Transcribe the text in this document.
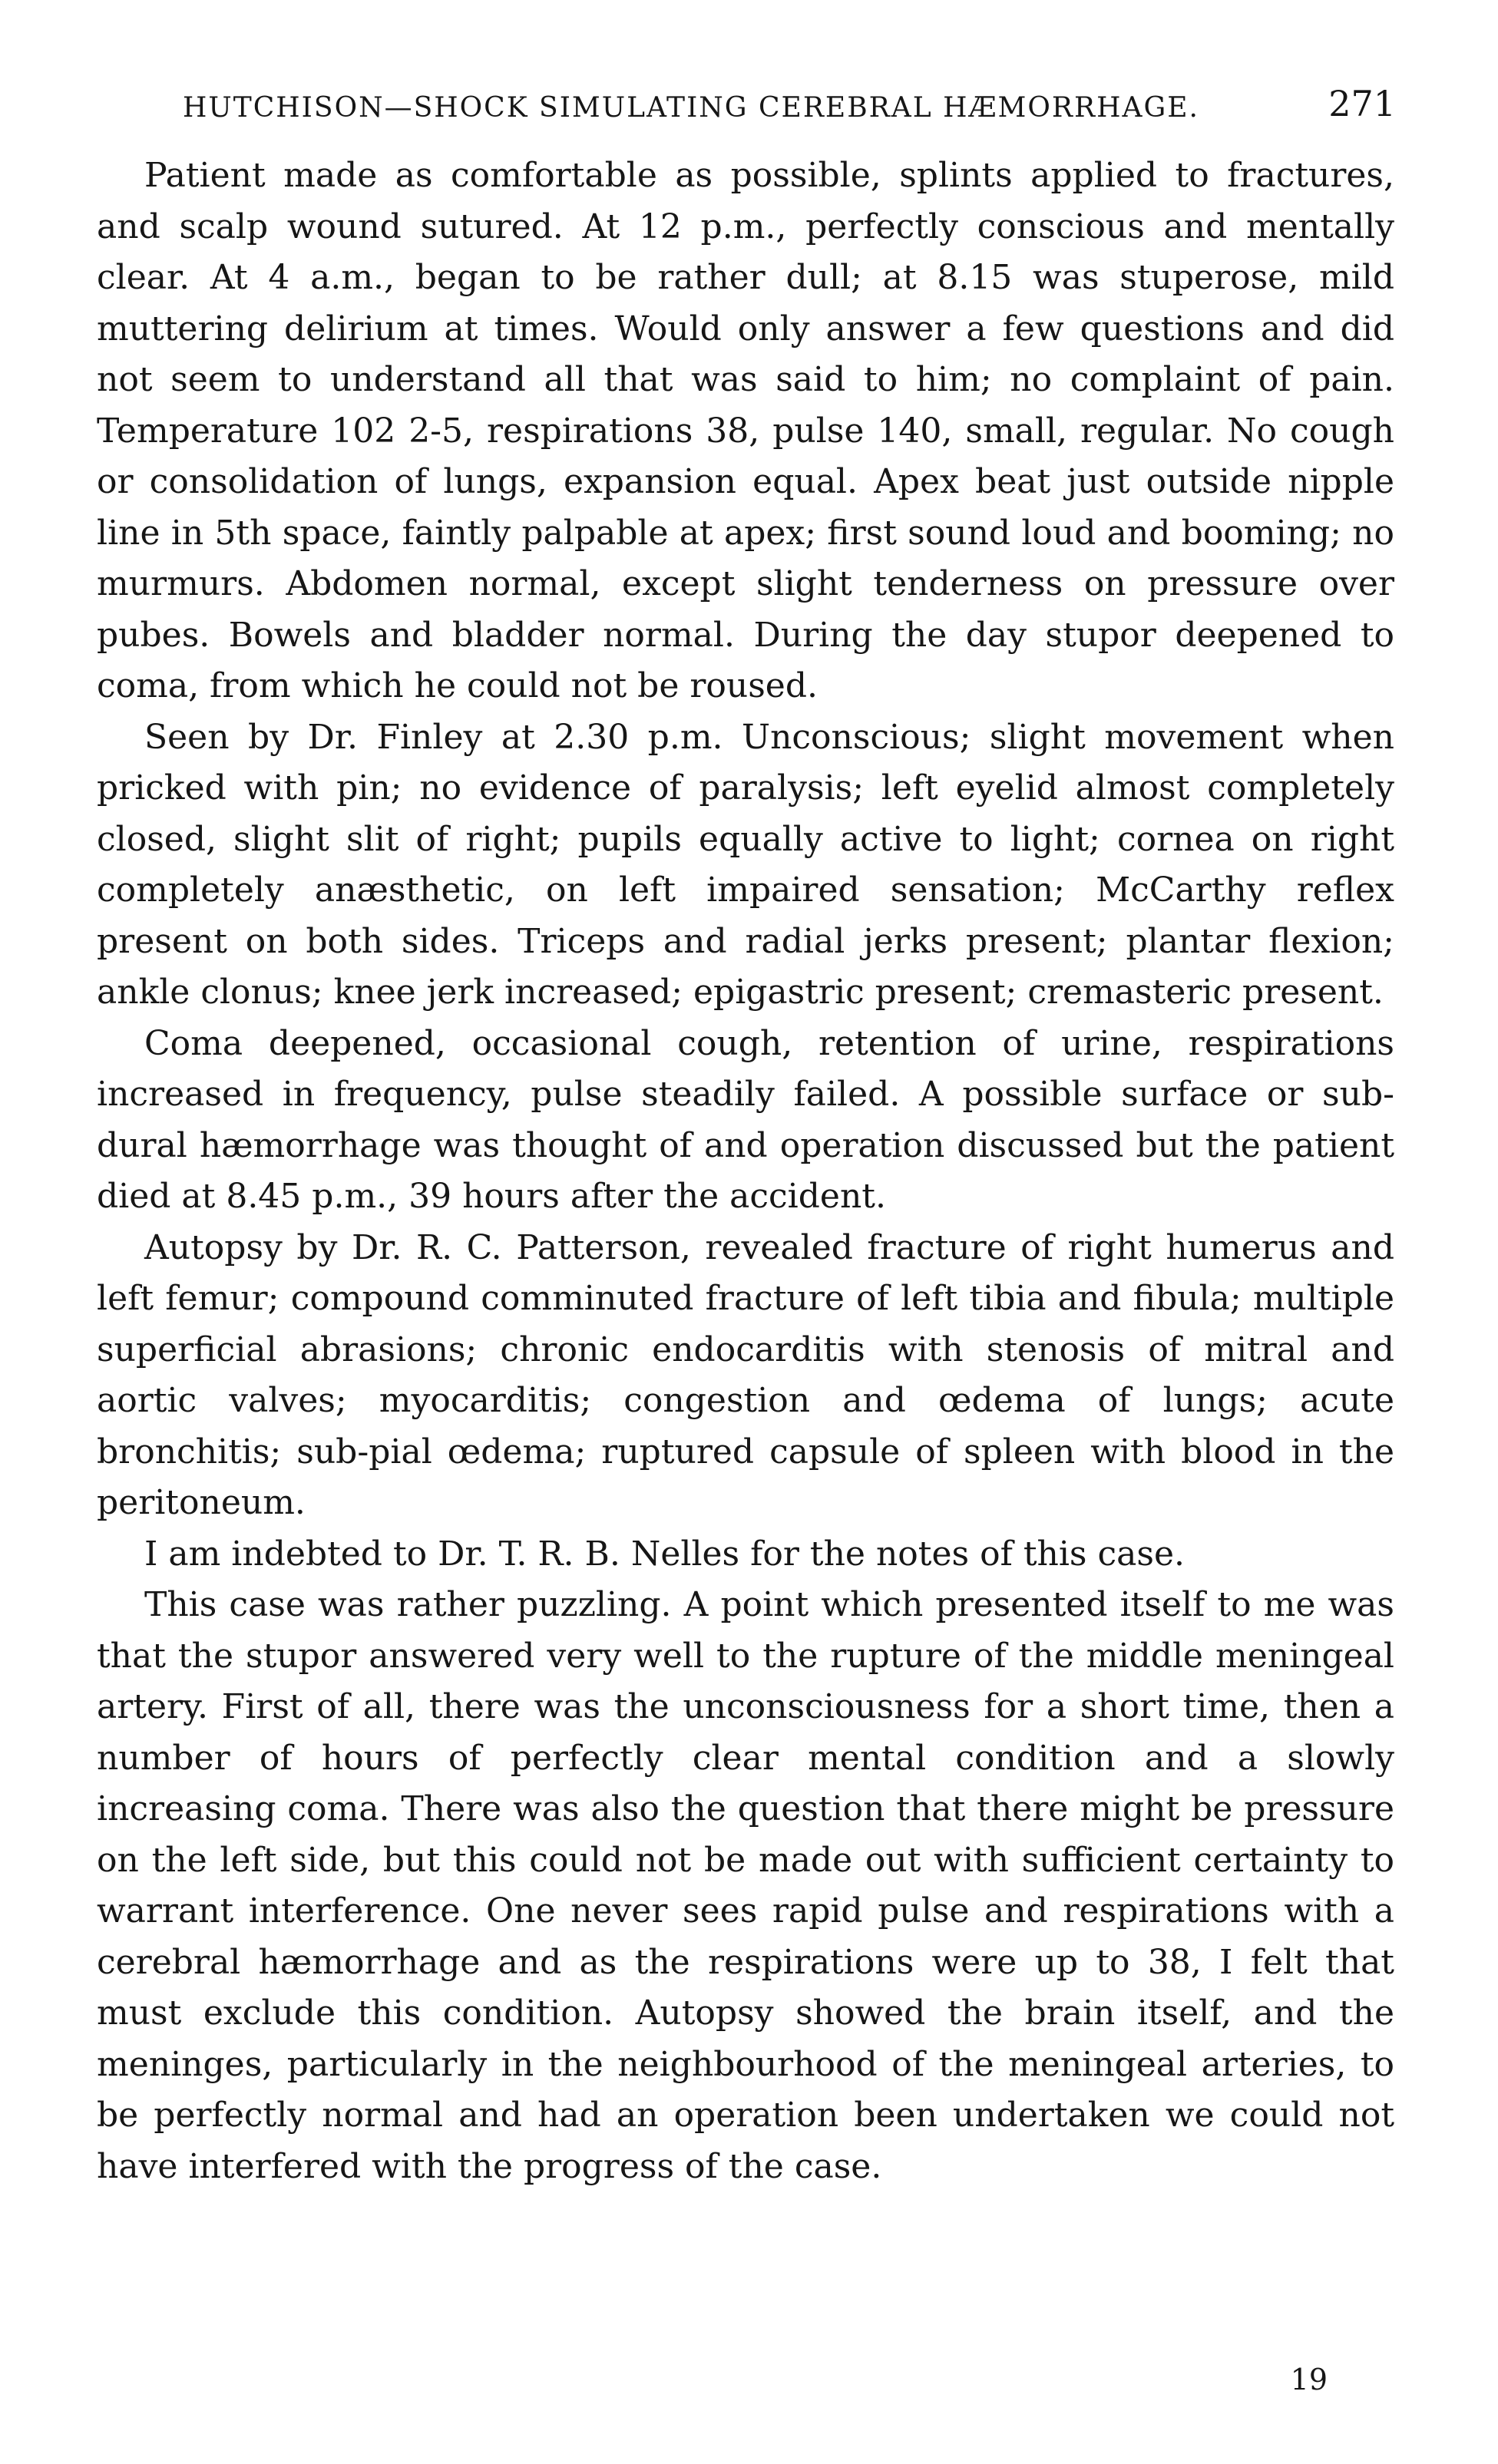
HUTCHISON—SHOCK SIMULATING CEREBRAL HÆMORRHAGE.	271

Patient made as comfortable as possible, splints applied to fractures, and scalp wound sutured. At 12 p.m., perfectly conscious and mentally clear. At 4 a.m., began to be rather dull; at 8.15 was stuperose, mild muttering delirium at times. Would only answer a few questions and did not seem to understand all that was said to him; no complaint of pain. Temperature 102 2-5, respirations 38, pulse 140, small, regular. No cough or consolidation of lungs, expansion equal. Apex beat just outside nipple line in 5th space, faintly palpable at apex; first sound loud and booming; no murmurs. Abdomen normal, except slight tenderness on pressure over pubes. Bowels and bladder normal. During the day stupor deepened to coma, from which he could not be roused.

Seen by Dr. Finley at 2.30 p.m. Unconscious; slight movement when pricked with pin; no evidence of paralysis; left eyelid almost completely closed, slight slit of right; pupils equally active to light; cornea on right completely anæsthetic, on left impaired sensation; McCarthy reflex present on both sides. Triceps and radial jerks present; plantar flexion; ankle clonus; knee jerk increased; epigastric present; cremasteric present.

Coma deepened, occasional cough, retention of urine, respirations increased in frequency, pulse steadily failed. A possible surface or sub-dural hæmorrhage was thought of and operation discussed but the patient died at 8.45 p.m., 39 hours after the accident.

Autopsy by Dr. R. C. Patterson, revealed fracture of right humerus and left femur; compound comminuted fracture of left tibia and fibula; multiple superficial abrasions; chronic endocarditis with stenosis of mitral and aortic valves; myocarditis; congestion and œdema of lungs; acute bronchitis; sub-pial œdema; ruptured capsule of spleen with blood in the peritoneum.

I am indebted to Dr. T. R. B. Nelles for the notes of this case.

This case was rather puzzling. A point which presented itself to me was that the stupor answered very well to the rupture of the middle meningeal artery. First of all, there was the unconsciousness for a short time, then a number of hours of perfectly clear mental condition and a slowly increasing coma. There was also the question that there might be pressure on the left side, but this could not be made out with sufficient certainty to warrant interference. One never sees rapid pulse and respirations with a cerebral hæmorrhage and as the respirations were up to 38, I felt that must exclude this condition. Autopsy showed the brain itself, and the meninges, particularly in the neighbourhood of the meningeal arteries, to be perfectly normal and had an operation been undertaken we could not have interfered with the progress of the case.

19
